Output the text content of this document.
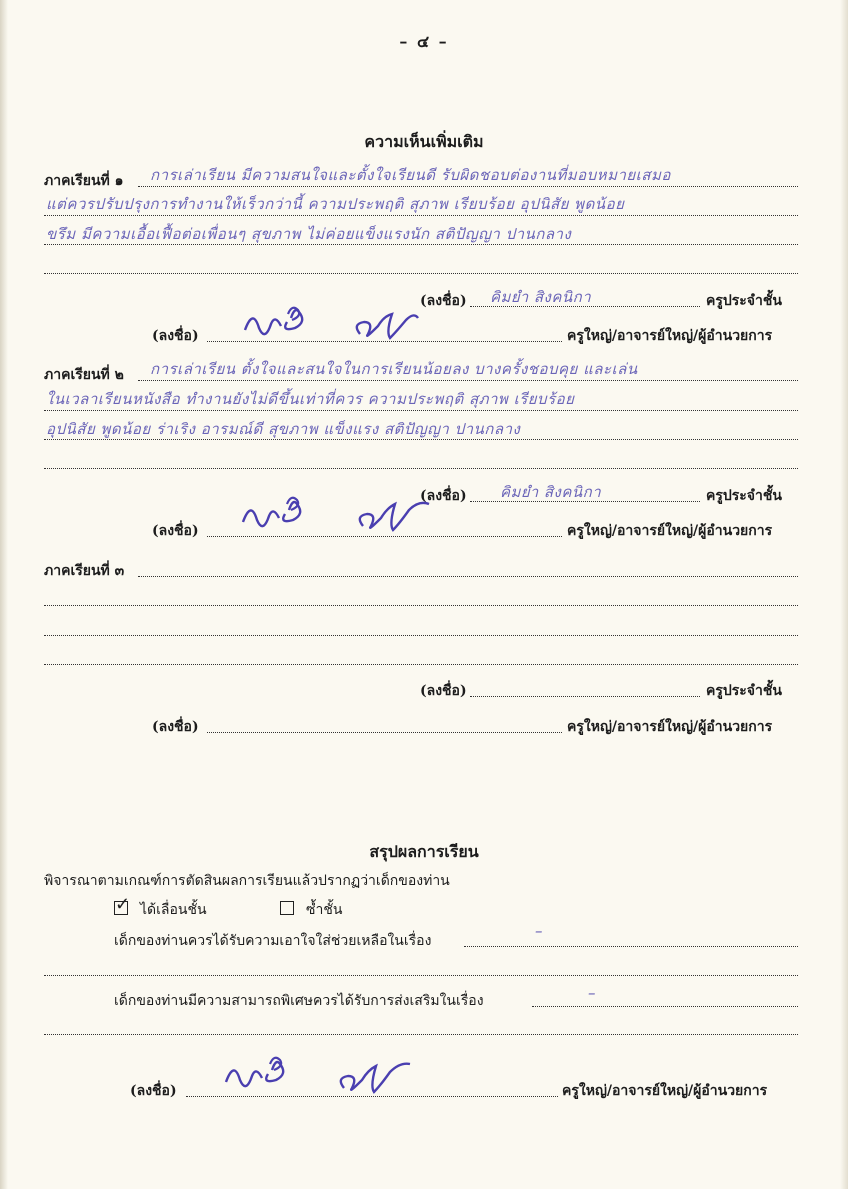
– ๔ –
ความเห็นเพิ่มเติม
ภาคเรียนที่ ๑ การเล่าเรียน มีความสนใจและตั้งใจเรียนดี รับผิดชอบต่องานที่มอบหมายเสมอ
แต่ควรปรับปรุงการทำงานให้เร็วกว่านี้ ความประพฤติ สุภาพ เรียบร้อย อุปนิสัย พูดน้อย
ขรึม มีความเอื้อเฟื้อต่อเพื่อนๆ สุขภาพ ไม่ค่อยแข็งแรงนัก สติปัญญา ปานกลาง
(ลงชื่อ) คิมยำ สิงคนิกา	ครูประจำชั้น
(ลงชื่อ)	ครูใหญ่/อาจารย์ใหญ่/ผู้อำนวยการ
ภาคเรียนที่ ๒ การเล่าเรียน ตั้งใจและสนใจในการเรียนน้อยลง บางครั้งชอบคุย และเล่น
ในเวลาเรียนหนังสือ ทำงานยังไม่ดีขึ้นเท่าที่ควร ความประพฤติ สุภาพ เรียบร้อย
อุปนิสัย พูดน้อย ร่าเริง อารมณ์ดี สุขภาพ แข็งแรง สติปัญญา ปานกลาง
(ลงชื่อ) คิมยำ สิงคนิกา	ครูประจำชั้น
(ลงชื่อ)	ครูใหญ่/อาจารย์ใหญ่/ผู้อำนวยการ
ภาคเรียนที่ ๓
(ลงชื่อ)	ครูประจำชั้น
(ลงชื่อ)	ครูใหญ่/อาจารย์ใหญ่/ผู้อำนวยการ
สรุปผลการเรียน
พิจารณาตามเกณฑ์การตัดสินผลการเรียนแล้วปรากฏว่าเด็กของท่าน
✓ ได้เลื่อนชั้น	ซ้ำชั้น
เด็กของท่านควรได้รับความเอาใจใส่ช่วยเหลือในเรื่อง
–
เด็กของท่านมีความสามารถพิเศษควรได้รับการส่งเสริมในเรื่อง	–
(ลงชื่อ)	ครูใหญ่/อาจารย์ใหญ่/ผู้อำนวยการ
